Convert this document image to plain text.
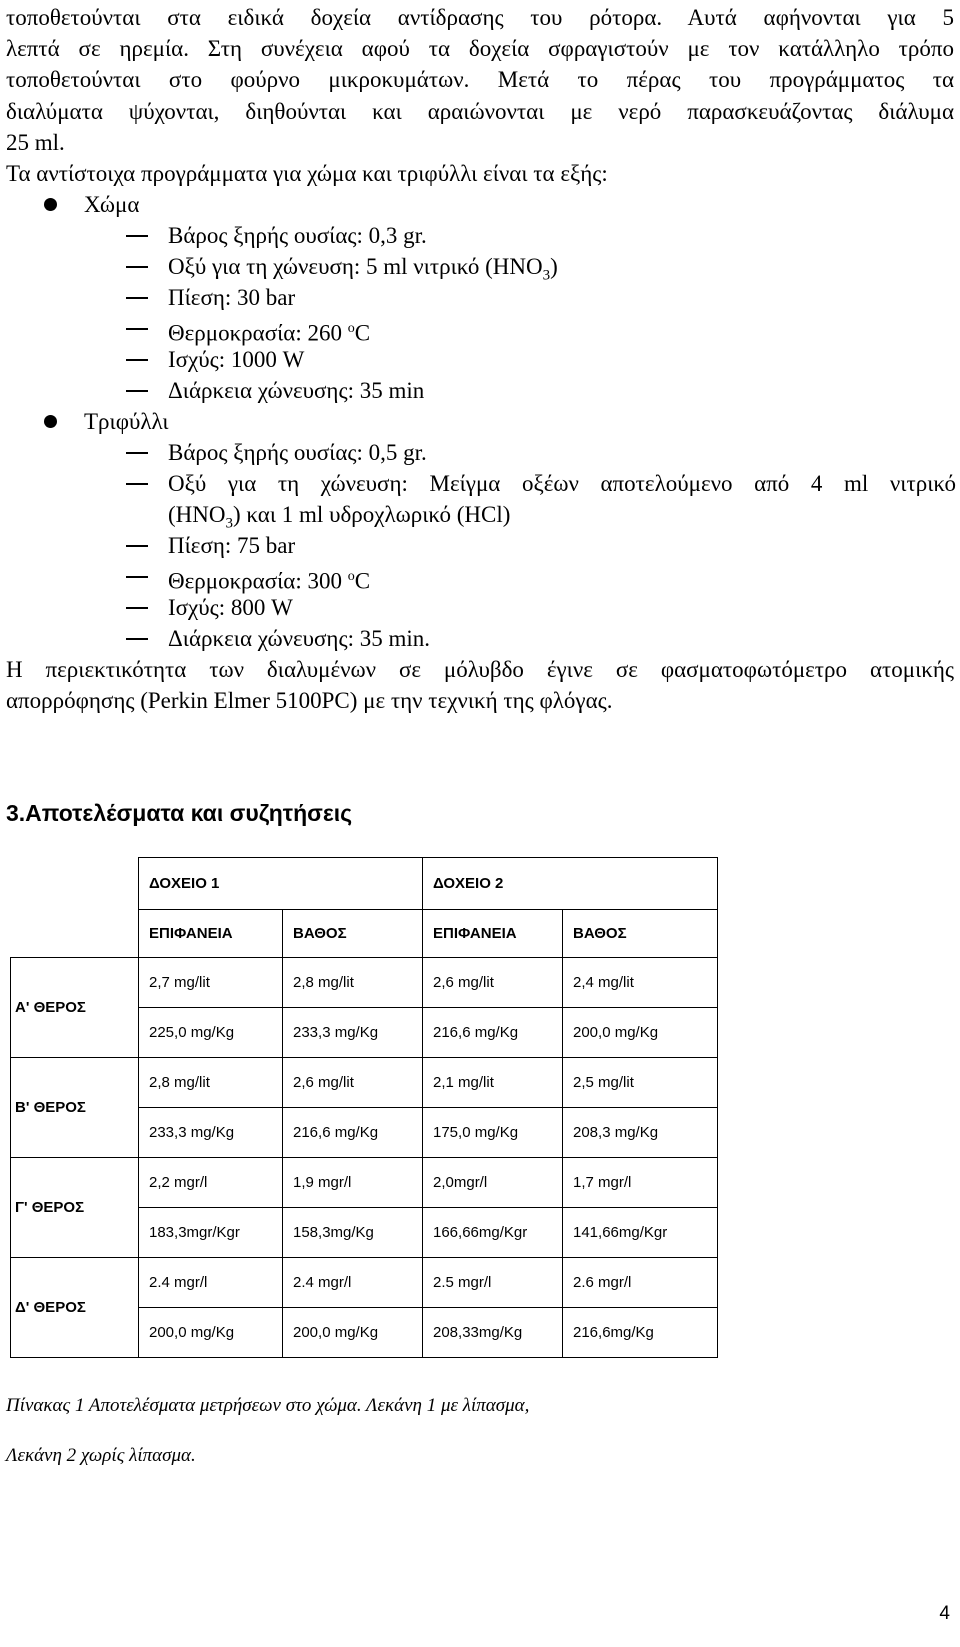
τοποθετούνται στα ειδικά δοχεία αντίδρασης του ρότορα. Αυτά αφήνονται για 5
λεπτά σε ηρεμία. Στη συνέχεια αφού τα δοχεία σφραγιστούν με τον κατάλληλο τρόπο
τοποθετούνται στο φούρνο μικροκυμάτων. Μετά το πέρας του προγράμματος τα
διαλύματα ψύχονται, διηθούνται και αραιώνονται με νερό παρασκευάζοντας διάλυμα
25 ml.
Τα αντίστοιχα προγράμματα για χώμα και τριφύλλι είναι τα εξής:
Χώμα
Βάρος ξηρής ουσίας: 0,3 gr.
Οξύ για τη χώνευση: 5 ml νιτρικό $(HNO_3)$
Πίεση: 30 bar
Θερμοκρασία: 260 $^o$C
Ισχύς: 1000 W
Διάρκεια χώνευσης: 35 min
Τριφύλλι
Βάρος ξηρής ουσίας: 0,5 gr.
Οξύ για τη χώνευση: Μείγμα οξέων αποτελούμενο από 4 ml νιτρικό
$(HNO_3)$ και 1 ml υδροχλωρικό (HCl)
Πίεση: 75 bar
Θερμοκρασία: 300 $^o$C
Ισχύς: 800 W
Διάρκεια χώνευσης: 35 min.
Η περιεκτικότητα των διαλυμένων σε μόλυβδο έγινε σε φασματοφωτόμετρο ατομικής
απορρόφησης (Perkin Elmer 5100PC) με την τεχνική της φλόγας.
3.Αποτελέσματα και συζητήσεις

	ΔΟΧΕΙΟ 1		ΔΟΧΕΙΟ 2	

	ΕΠΙΦΑΝΕΙΑ	ΒΑΘΟΣ	ΕΠΙΦΑΝΕΙΑ	ΒΑΘΟΣ

Α' ΘΕΡΟΣ	2,7 mg/lit	2,8 mg/lit	2,6 mg/lit	2,4 mg/lit

	225,0 mg/Kg	233,3 mg/Kg	216,6 mg/Kg	200,0 mg/Kg

Β' ΘΕΡΟΣ	2,8 mg/lit	2,6 mg/lit	2,1 mg/lit	2,5 mg/lit

	233,3 mg/Kg	216,6 mg/Kg	175,0 mg/Kg	208,3 mg/Kg

Γ' ΘΕΡΟΣ	2,2 mgr/l	1,9 mgr/l	2,0mgr/l	1,7 mgr/l

	183,3mgr/Kgr	158,3mg/Kg	166,66mg/Kgr	141,66mg/Kgr

Δ' ΘΕΡΟΣ	2.4 mgr/l	2.4 mgr/l	2.5 mgr/l	2.6 mgr/l

	200,0 mg/Kg	200,0 mg/Kg	208,33mg/Kg	216,6mg/Kg
Πίνακας 1 Αποτελέσματα μετρήσεων στο χώμα. Λεκάνη 1 με λίπασμα,
Λεκάνη 2 χωρίς λίπασμα.
4
